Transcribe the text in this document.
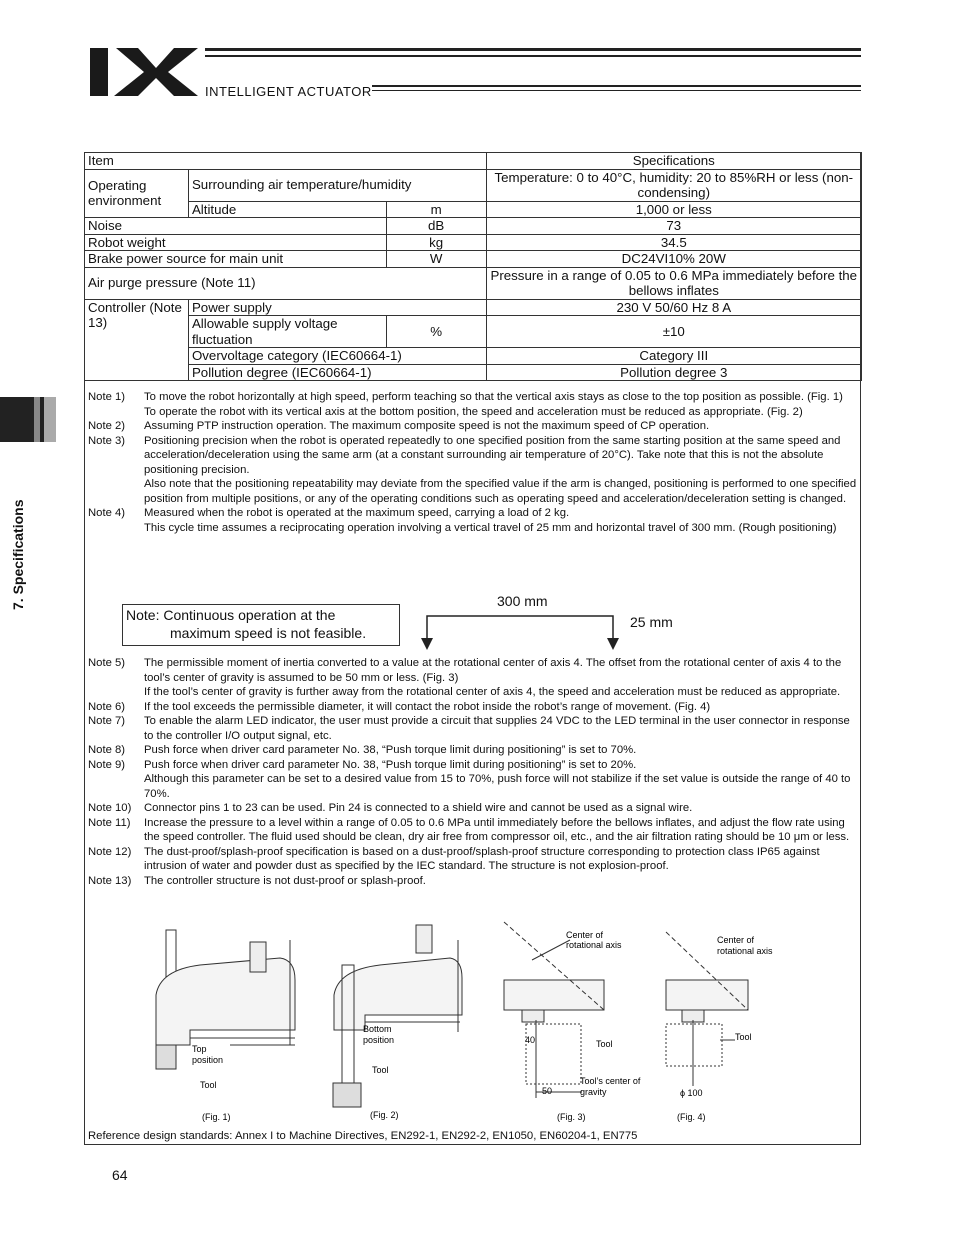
INTELLIGENT ACTUATOR
7. Specifications
Item			Specifications
Operating environment	Surrounding air temperature/humidity		Temperature: 0 to 40°C, humidity: 20 to 85%RH or less (non-condensing)
	Altitude	m	1,000 or less
Noise		dB	73
Robot weight		kg	34.5
Brake power source for main unit		W	DC24VI10% 20W
Air purge pressure (Note 11)			Pressure in a range of 0.05 to 0.6 MPa immediately before the bellows inflates
Controller (Note 13)	Power supply		230 V 50/60 Hz 8 A
	Allowable supply voltage fluctuation	%	±10
	Overvoltage category (IEC60664-1)		Category III
	Pollution degree (IEC60664-1)		Pollution degree 3
Note 1)	To move the robot horizontally at high speed, perform teaching so that the vertical axis stays as close to the top position as possible. (Fig. 1)
To operate the robot with its vertical axis at the bottom position, the speed and acceleration must be reduced as appropriate. (Fig. 2)
Note 2)	Assuming PTP instruction operation. The maximum composite speed is not the maximum speed of CP operation.
Note 3)	Positioning precision when the robot is operated repeatedly to one specified position from the same starting position at the same speed and acceleration/deceleration using the same arm (at a constant surrounding air temperature of 20°C). Take note that this is not the absolute positioning precision.
Also note that the positioning repeatability may deviate from the specified value if the arm is changed, positioning is performed to one specified position from multiple positions, or any of the operating conditions such as operating speed and acceleration/deceleration setting is changed.
Note 4)	Measured when the robot is operated at the maximum speed, carrying a load of 2 kg.
This cycle time assumes a reciprocating operation involving a vertical travel of 25 mm and horizontal travel of 300 mm. (Rough positioning)
Note: Continuous operation at the
maximum speed is not feasible.
300 mm
25 mm
Note 5)	The permissible moment of inertia converted to a value at the rotational center of axis 4. The offset from the rotational center of axis 4 to the tool’s center of gravity is assumed to be 50 mm or less. (Fig. 3)
If the tool’s center of gravity is further away from the rotational center of axis 4, the speed and acceleration must be reduced as appropriate.
Note 6)	If the tool exceeds the permissible diameter, it will contact the robot inside the robot’s range of movement. (Fig. 4)
Note 7)	To enable the alarm LED indicator, the user must provide a circuit that supplies 24 VDC to the LED terminal in the user connector in response to the controller I/O output signal, etc.
Note 8)	Push force when driver card parameter No. 38, “Push torque limit during positioning” is set to 70%.
Note 9)	Push force when driver card parameter No. 38, “Push torque limit during positioning” is set to 20%.
Although this parameter can be set to a desired value from 15 to 70%, push force will not stabilize if the set value is outside the range of 40 to 70%.
Note 10)	Connector pins 1 to 23 can be used. Pin 24 is connected to a shield wire and cannot be used as a signal wire.
Note 11)	Increase the pressure to a level within a range of 0.05 to 0.6 MPa until immediately before the bellows inflates, and adjust the flow rate using the speed controller. The fluid used should be clean, dry air free from compressor oil, etc., and the air filtration rating should be 10 μm or less.
Note 12)	The dust-proof/splash-proof specification is based on a dust-proof/splash-proof structure corresponding to protection class IP65 against intrusion of water and powder dust as specified by the IEC standard. The structure is not explosion-proof.
Note 13)	The controller structure is not dust-proof or splash-proof.
Top
position
Tool
(Fig. 1)
Bottom
position
Tool
(Fig. 2)
Center of
rotational axis
Tool
Tool’s center of
gravity
40
50
(Fig. 3)
Center of
rotational axis
Tool
ϕ 100
(Fig. 4)
Reference design standards: Annex I to Machine Directives, EN292-1, EN292-2, EN1050, EN60204-1, EN775
64
